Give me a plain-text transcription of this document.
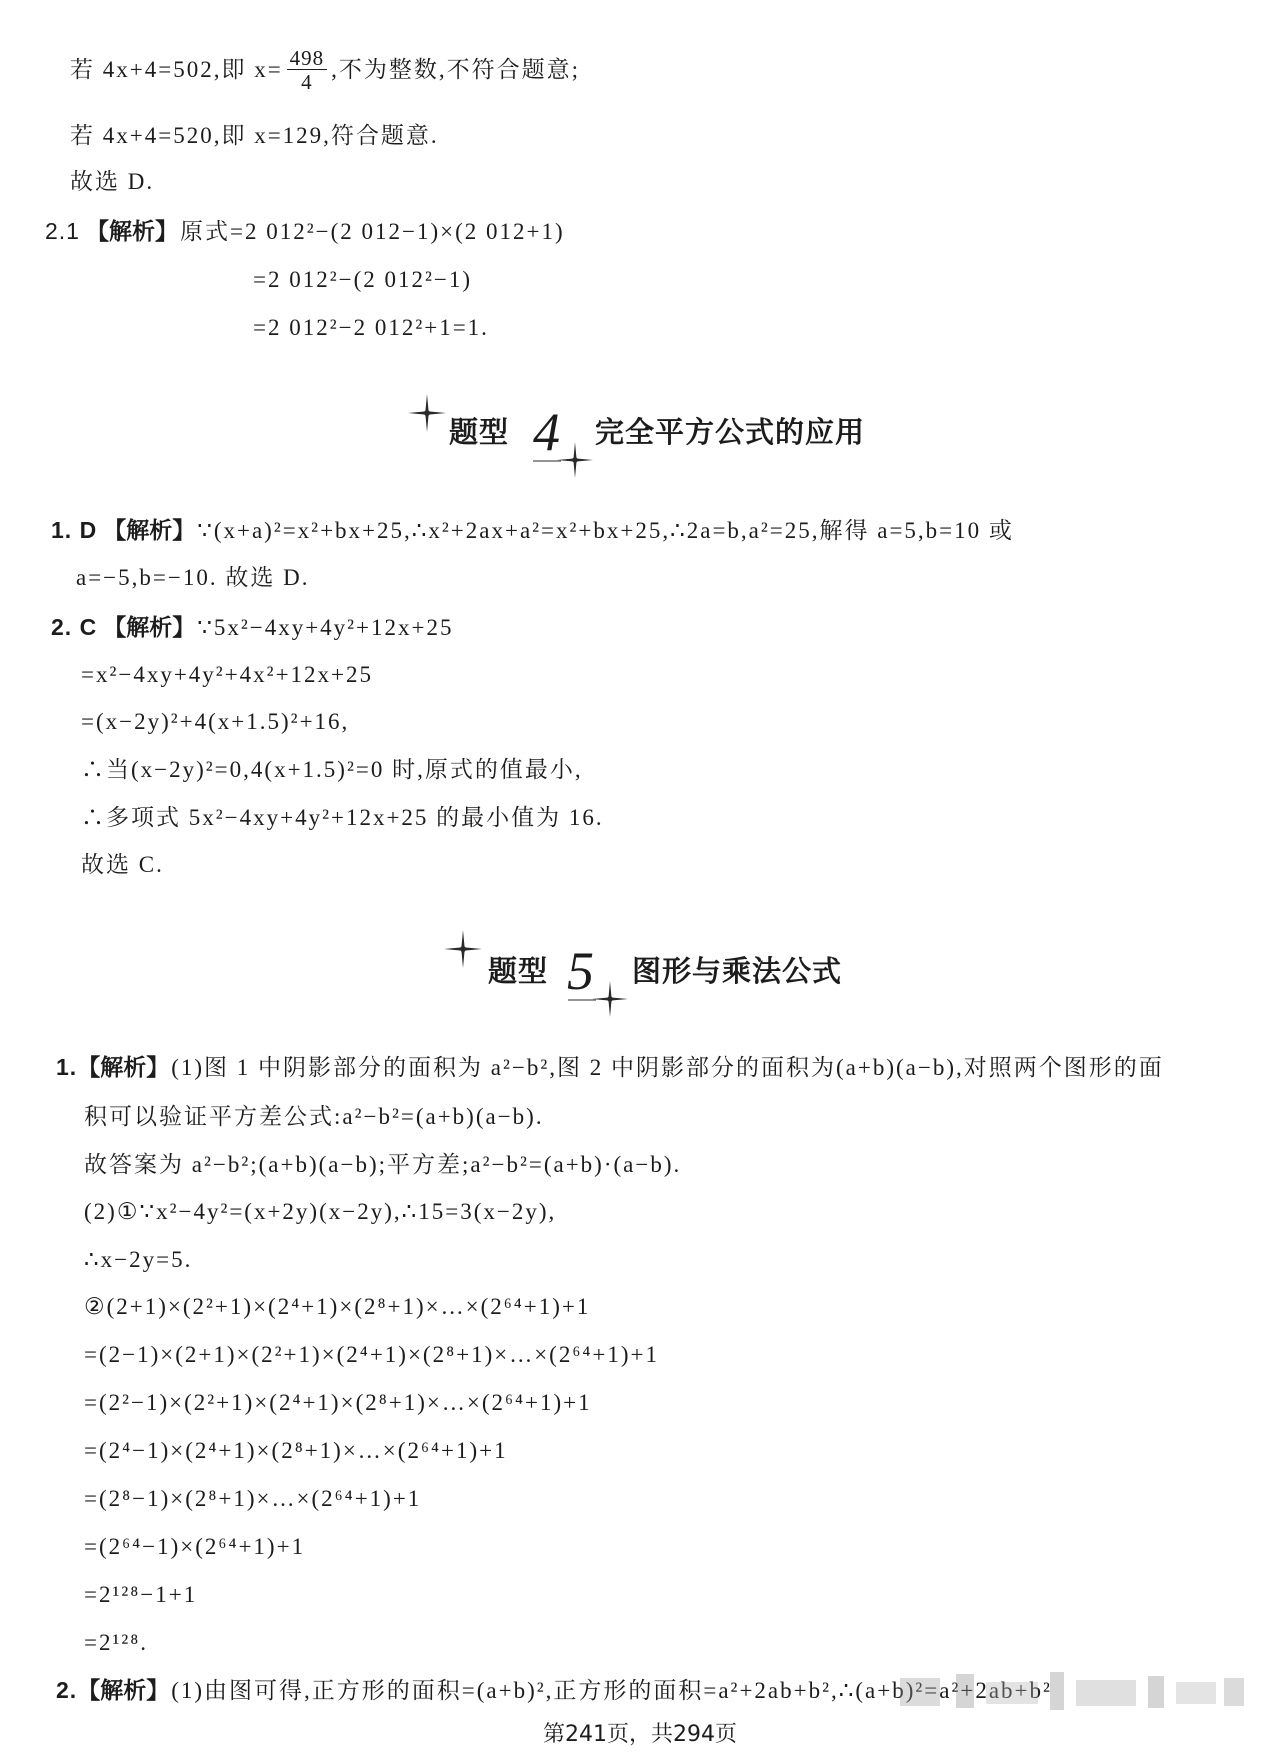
若 4x+4=502,即 $x= \frac{498}{4}$ ,不为整数,不符合题意;
若 4x+4=520,即 x=129,符合题意.
故选 D.
2.1 【解析】原式=2 012²−(2 012−1)×(2 012+1)
=2 012²−(2 012²−1)
=2 012²−2 012²+1=1.
题型 4 完全平方公式的应用
1. D 【解析】∵(x+a)²=x²+bx+25,∴x²+2ax+a²=x²+bx+25,∴2a=b,a²=25,解得 a=5,b=10 或
a=−5,b=−10. 故选 D.
2. C 【解析】∵5x²−4xy+4y²+12x+25
=x²−4xy+4y²+4x²+12x+25
=(x−2y)²+4(x+1.5)²+16,
∴当(x−2y)²=0,4(x+1.5)²=0 时,原式的值最小,
∴多项式 5x²−4xy+4y²+12x+25 的最小值为 16.
故选 C.
题型 5 图形与乘法公式
1.【解析】(1)图 1 中阴影部分的面积为 a²−b²,图 2 中阴影部分的面积为(a+b)(a−b),对照两个图形的面
积可以验证平方差公式:a²−b²=(a+b)(a−b).
故答案为 a²−b²;(a+b)(a−b);平方差;a²−b²=(a+b)·(a−b).
(2)①∵x²−4y²=(x+2y)(x−2y),∴15=3(x−2y),
∴x−2y=5.
②(2+1)×(2²+1)×(2⁴+1)×(2⁸+1)×…×(2⁶⁴+1)+1
=(2−1)×(2+1)×(2²+1)×(2⁴+1)×(2⁸+1)×…×(2⁶⁴+1)+1
=(2²−1)×(2²+1)×(2⁴+1)×(2⁸+1)×…×(2⁶⁴+1)+1
=(2⁴−1)×(2⁴+1)×(2⁸+1)×…×(2⁶⁴+1)+1
=(2⁸−1)×(2⁸+1)×…×(2⁶⁴+1)+1
=(2⁶⁴−1)×(2⁶⁴+1)+1
=2¹²⁸−1+1
=2¹²⁸.
2.【解析】(1)由图可得,正方形的面积=(a+b)²,正方形的面积=a²+2ab+b²,∴(a+b)²=a²+2ab+b²
第241页，共294页
